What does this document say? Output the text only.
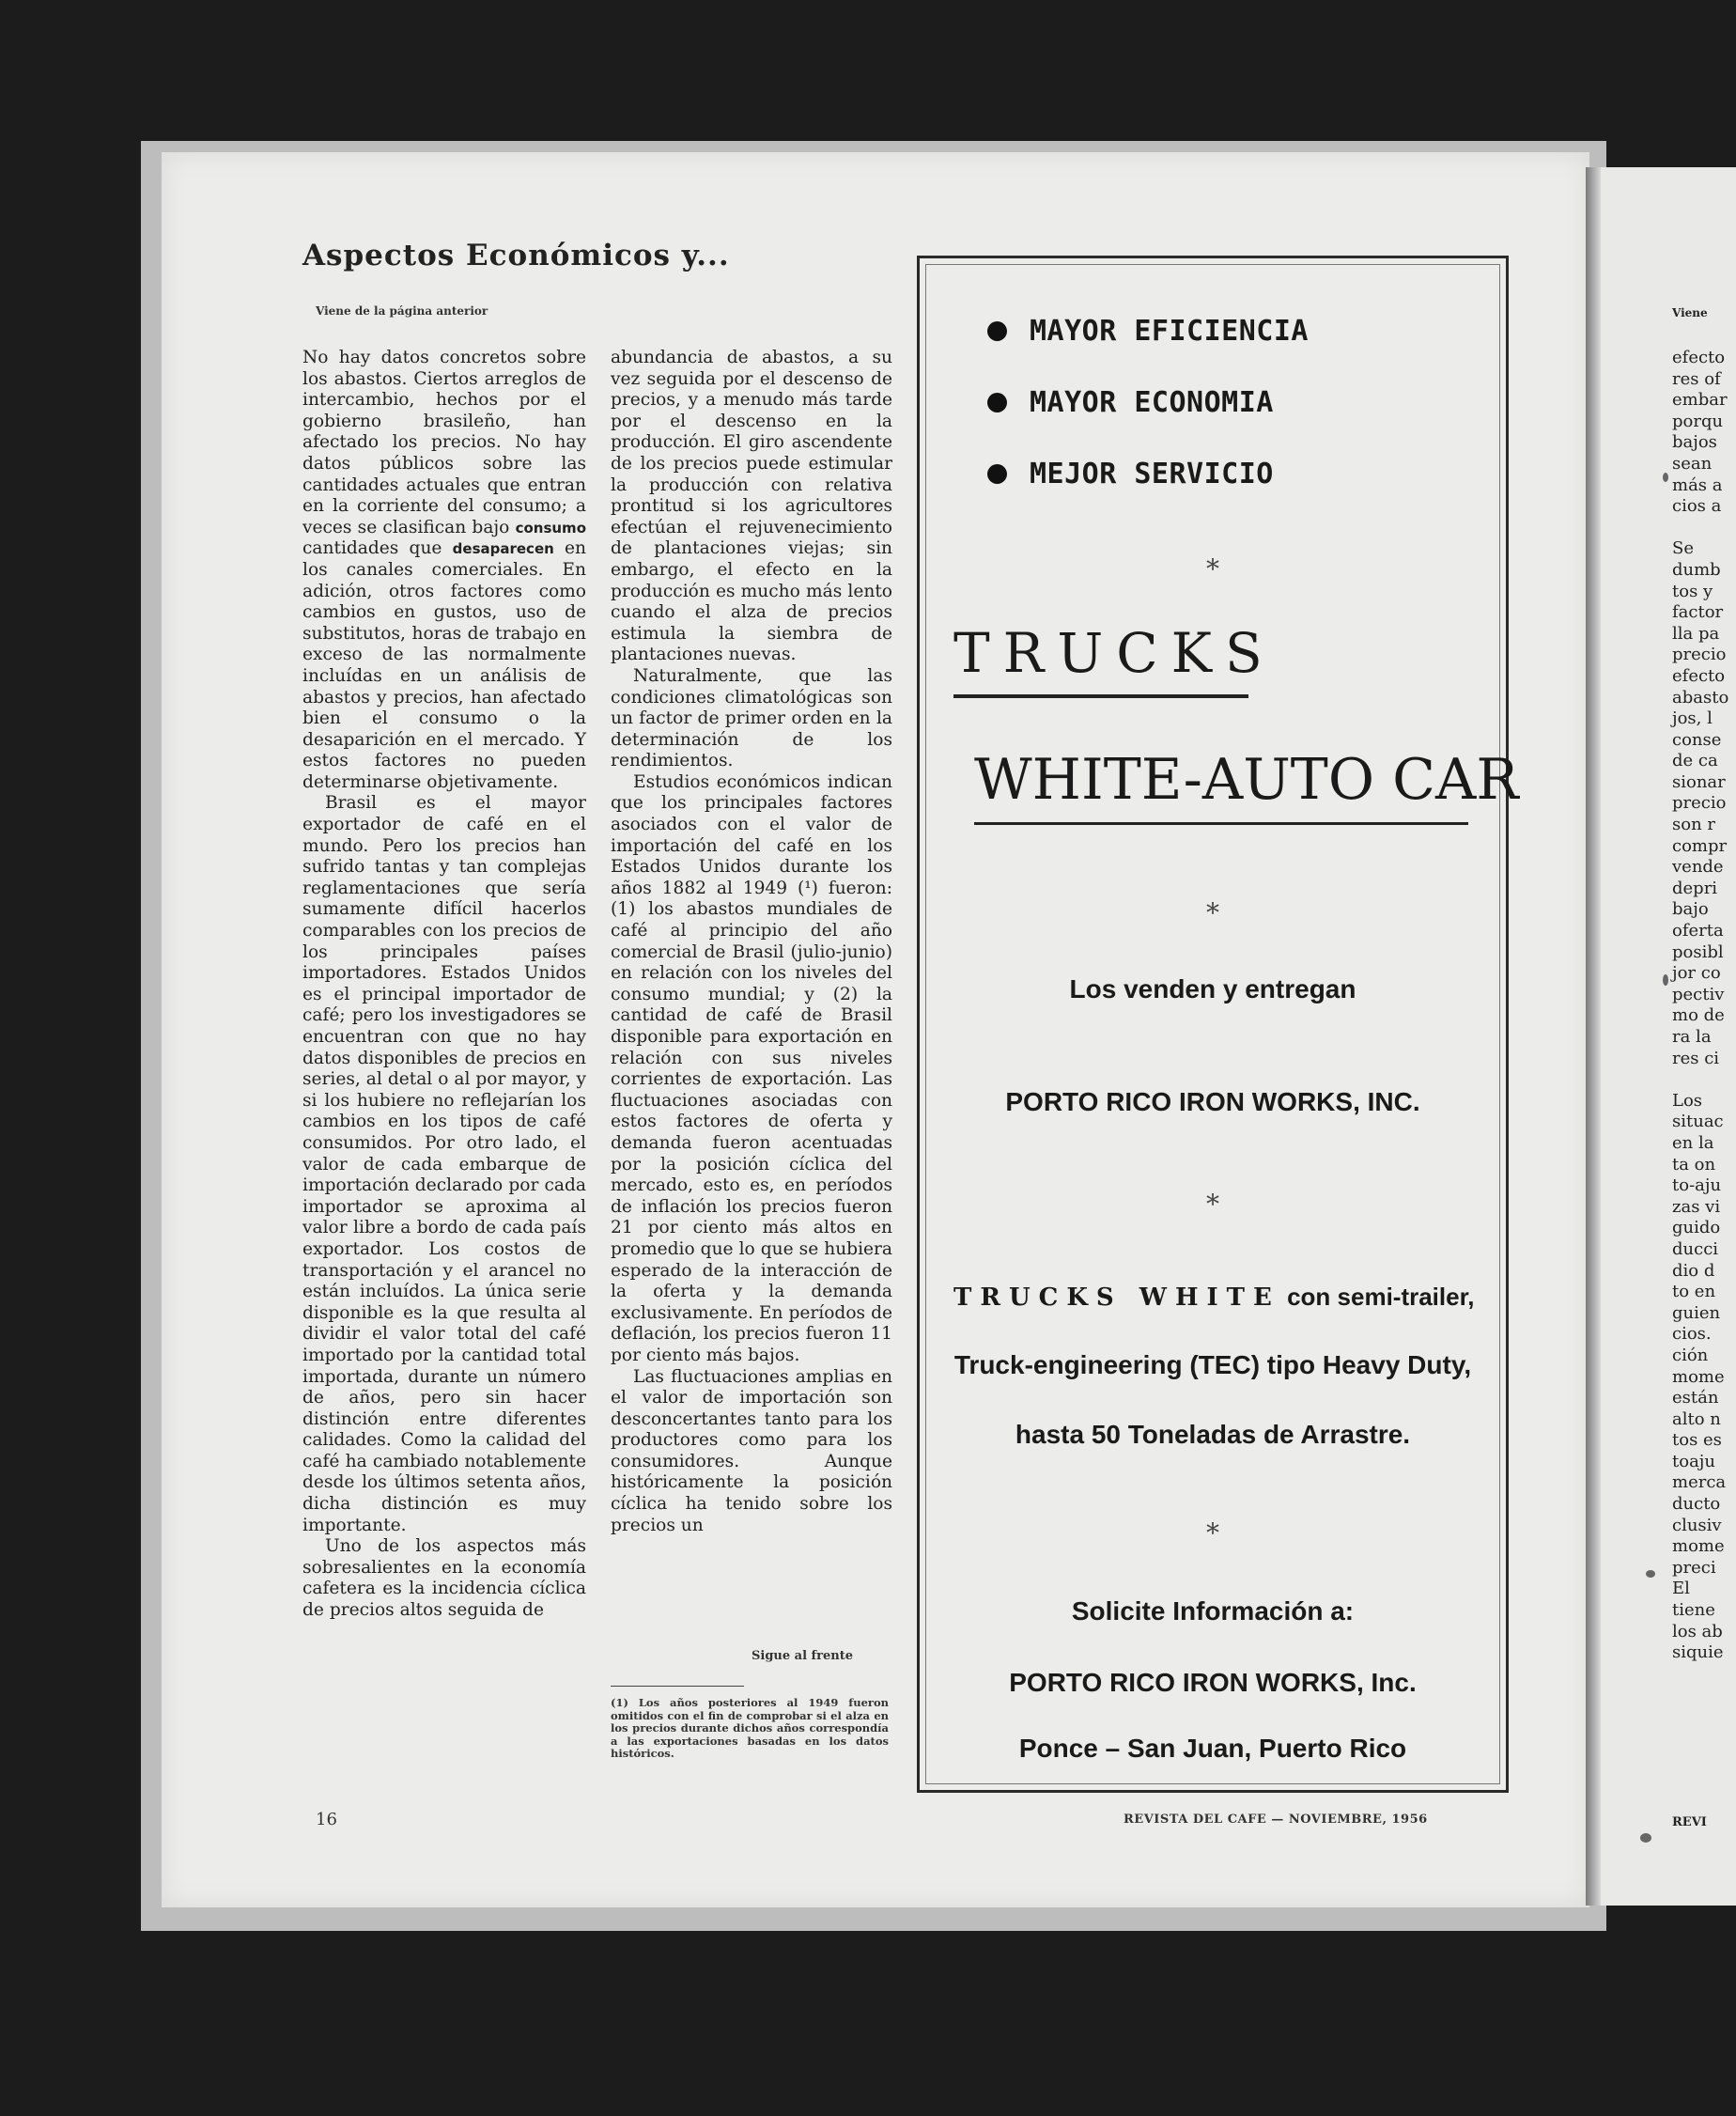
Aspectos Económicos y...
Viene de la página anterior

No hay datos concretos sobre los abastos. Ciertos arreglos de intercambio, hechos por el gobierno brasileño, han afectado los precios. No hay datos públicos sobre las cantidades actuales que entran en la corriente del consumo; a veces se clasifican bajo consumo cantidades que desaparecen en los canales comerciales. En adición, otros factores como cambios en gustos, uso de substitutos, horas de trabajo en exceso de las normalmente incluídas en un análisis de abastos y precios, han afectado bien el consumo o la desaparición en el mercado. Y estos factores no pueden determinarse objetivamente.

Brasil es el mayor exportador de café en el mundo. Pero los precios han sufrido tantas y tan complejas reglamentaciones que sería sumamente difícil hacerlos comparables con los precios de los principales países importadores. Estados Unidos es el principal importador de café; pero los investigadores se encuentran con que no hay datos disponibles de precios en series, al detal o al por mayor, y si los hubiere no reflejarían los cambios en los tipos de café consumidos. Por otro lado, el valor de cada embarque de importación declarado por cada importador se aproxima al valor libre a bordo de cada país exportador. Los costos de transportación y el arancel no están incluídos. La única serie disponible es la que resulta al dividir el valor total del café importado por la cantidad total importada, durante un número de años, pero sin hacer distinción entre diferentes calidades. Como la calidad del café ha cambiado notablemente desde los últimos setenta años, dicha distinción es muy importante.

Uno de los aspectos más sobresalientes en la economía cafetera es la incidencia cíclica de precios altos seguida de

abundancia de abastos, a su vez seguida por el descenso de precios, y a menudo más tarde por el descenso en la producción. El giro ascendente de los precios puede estimular la producción con relativa prontitud si los agricultores efectúan el rejuvenecimiento de plantaciones viejas; sin embargo, el efecto en la producción es mucho más lento cuando el alza de precios estimula la siembra de plantaciones nuevas.

Naturalmente, que las condiciones climatológicas son un factor de primer orden en la determinación de los rendimientos.

Estudios económicos indican que los principales factores asociados con el valor de importación del café en los Estados Unidos durante los años 1882 al 1949 (¹) fueron: (1) los abastos mundiales de café al principio del año comercial de Brasil (julio-junio) en relación con los niveles del consumo mundial; y (2) la cantidad de café de Brasil disponible para exportación en relación con sus niveles corrientes de exportación. Las fluctuaciones asociadas con estos factores de oferta y demanda fueron acentuadas por la posición cíclica del mercado, esto es, en períodos de inflación los precios fueron 21 por ciento más altos en promedio que lo que se hubiera esperado de la interacción de la oferta y la demanda exclusivamente. En períodos de deflación, los precios fueron 11 por ciento más bajos.

Las fluctuaciones amplias en el valor de importación son desconcertantes tanto para los productores como para los consumidores. Aunque históricamente la posición cíclica ha tenido sobre los precios un

Sigue al frente
(1) Los años posteriores al 1949 fueron omitidos con el fin de comprobar si el alza en los precios durante dichos años correspondía a las exportaciones basadas en los datos históricos.
16	REVISTA DEL CAFE — NOVIEMBRE, 1956
MAYOR EFICIENCIA
MAYOR ECONOMIA
MEJOR SERVICIO
*
TRUCKS
WHITE-AUTO CAR
*
Los venden y entregan
PORTO RICO IRON WORKS, INC.
*
TRUCKS WHITE con semi-trailer,
Truck-engineering (TEC) tipo Heavy Duty,
hasta 50 Toneladas de Arrastre.
*
Solicite Información a:
PORTO RICO IRON WORKS, Inc.
Ponce – San Juan, Puerto Rico
Viene
efecto
res of
embar
porqu
bajos
sean
más a
cios a
Se
dumb
tos y
factor
lla pa
precio
efecto
abasto
jos, l
conse
de ca
sionar
precio
son r
compr
vende
depri
bajo
oferta
posibl
jor co
pectiv
mo de
ra la
res ci
Los
situac
en la
ta on
to-aju
zas vi
guido
ducci
dio d
to en
guien
cios.
ción
mome
están
alto n
tos es
toaju
merca
ducto
clusiv
mome
preci
El
tiene
los ab
siquie
REVI
